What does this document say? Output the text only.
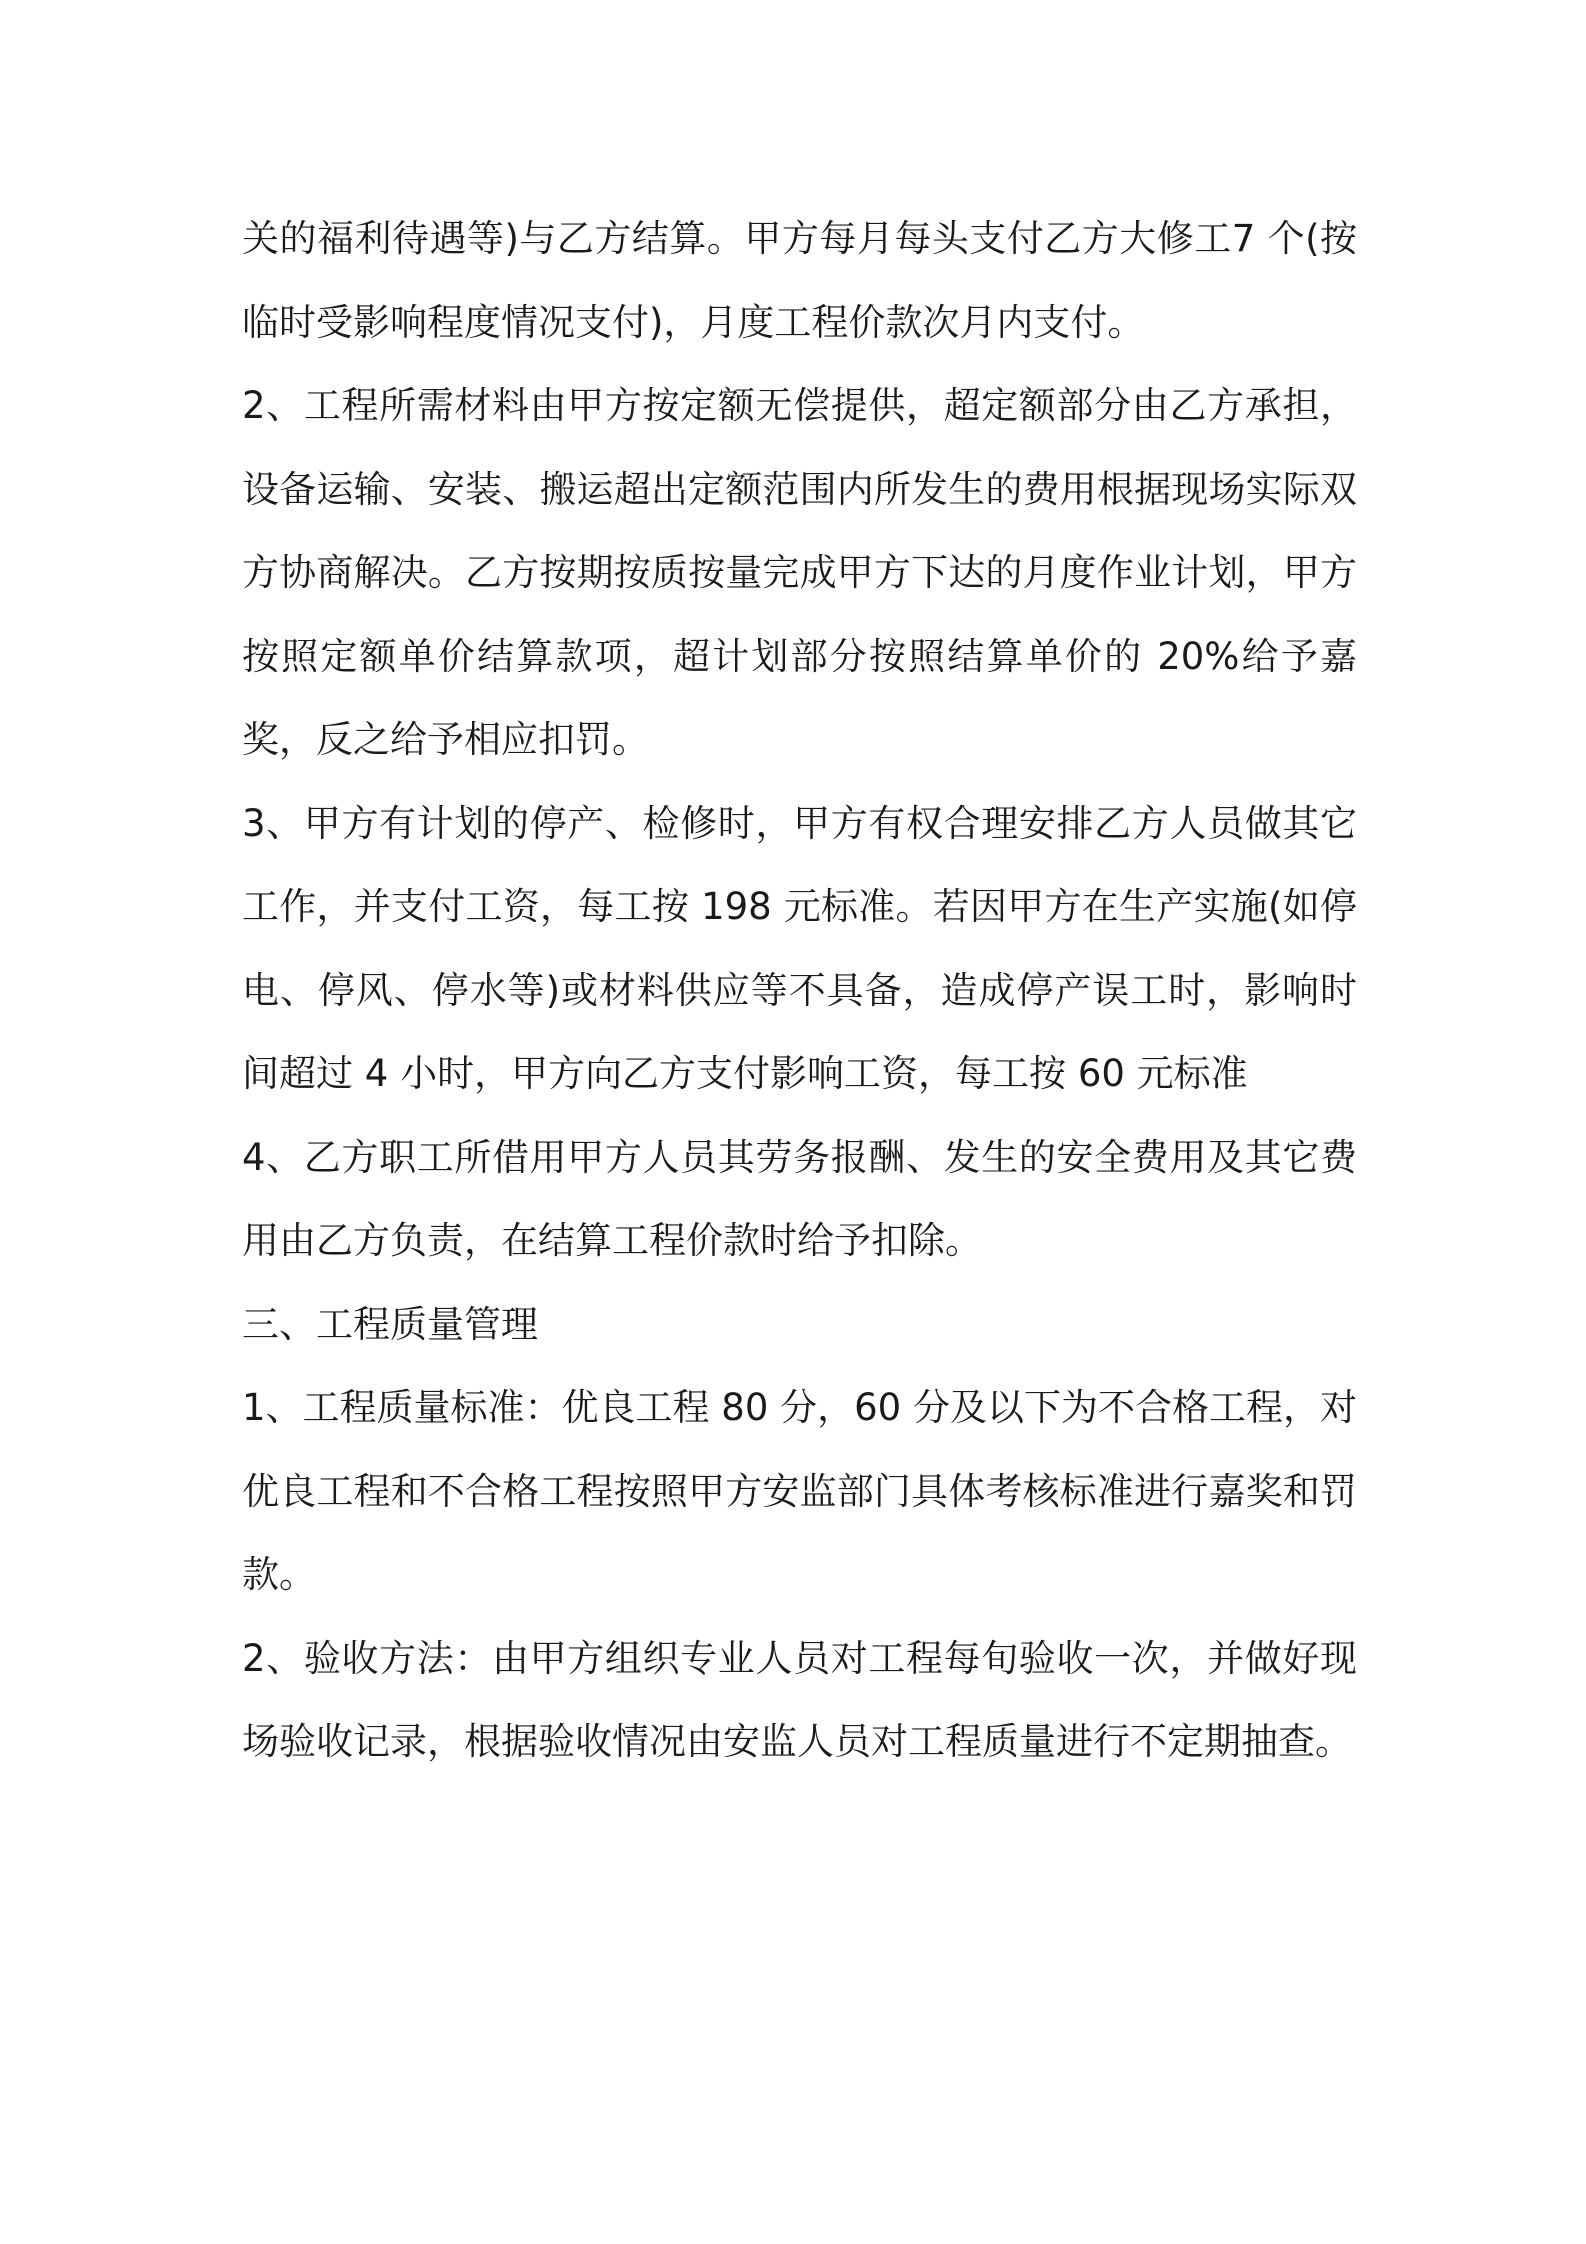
关的福利待遇等)与乙方结算。甲方每月每头支付乙方大修工7 个(按临时受影响程度情况支付)，月度工程价款次月内支付。

2、工程所需材料由甲方按定额无偿提供，超定额部分由乙方承担，设备运输、安装、搬运超出定额范围内所发生的费用根据现场实际双方协商解决。乙方按期按质按量完成甲方下达的月度作业计划，甲方按照定额单价结算款项，超计划部分按照结算单价的 20%给予嘉奖，反之给予相应扣罚。

3、甲方有计划的停产、检修时，甲方有权合理安排乙方人员做其它工作，并支付工资，每工按 198 元标准。若因甲方在生产实施(如停电、停风、停水等)或材料供应等不具备，造成停产误工时，影响时间超过 4 小时，甲方向乙方支付影响工资，每工按 60 元标准

4、乙方职工所借用甲方人员其劳务报酬、发生的安全费用及其它费用由乙方负责，在结算工程价款时给予扣除。

三、工程质量管理

1、工程质量标准：优良工程 80 分，60 分及以下为不合格工程，对优良工程和不合格工程按照甲方安监部门具体考核标准进行嘉奖和罚款。

2、验收方法：由甲方组织专业人员对工程每旬验收一次，并做好现场验收记录，根据验收情况由安监人员对工程质量进行不定期抽查。
